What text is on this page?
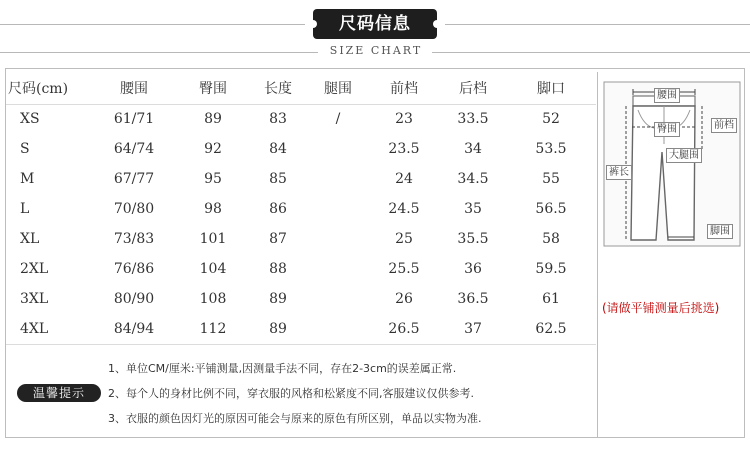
尺码信息
SIZE CHART
尺码(cm)	腰围	臀围	长度	腿围	前档	后档	脚口
XS	61/71	89	83	/	23	33.5	52
S	64/74	92	84		23.5	34	53.5
M	67/77	95	85		24	34.5	55
L	70/80	98	86		24.5	35	56.5
XL	73/83	101	87		25	35.5	58
2XL	76/86	104	88		25.5	36	59.5
3XL	80/90	108	89		26	36.5	61
4XL	84/94	112	89		26.5	37	62.5
腰围
臀围	前档
大腿围
裤长
脚围
(请做平铺测量后挑选)
温馨提示
1、单位CM/厘米:平铺测量,因测量手法不同，存在2-3cm的误差属正常.
2、每个人的身材比例不同，穿衣服的风格和松紧度不同,客服建议仅供参考.
3、衣服的颜色因灯光的原因可能会与原来的原色有所区别，单品以实物为准.
